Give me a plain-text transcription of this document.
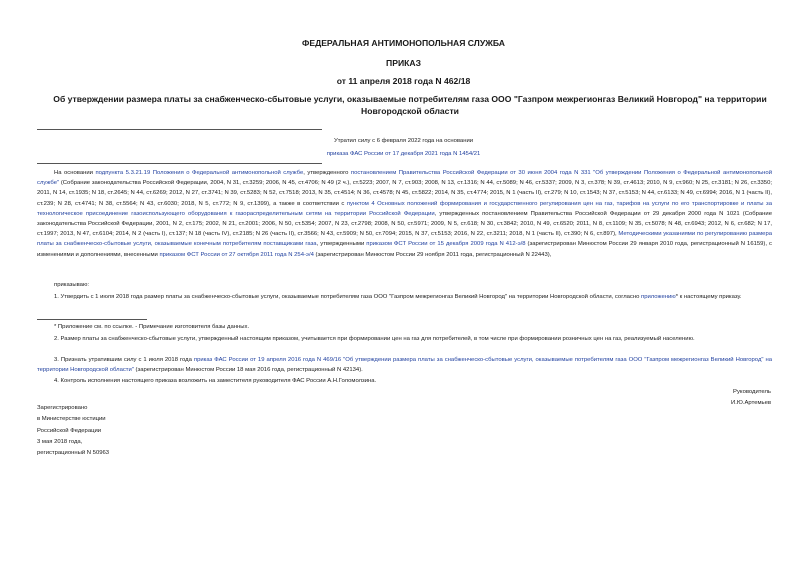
ФЕДЕРАЛЬНАЯ АНТИМОНОПОЛЬНАЯ СЛУЖБА
ПРИКАЗ
от 11 апреля 2018 года N 462/18
Об утверждении размера платы за снабженческо-сбытовые услуги, оказываемые потребителям газа ООО "Газпром межрегионгаз Великий Новгород" на территории Новгородской области
Утратил силу с 6 февраля 2022 года на основании
приказа ФАС России от 17 декабря 2021 года N 1454/21
На основании подпункта 5.3.21.19 Положения о Федеральной антимонопольной службе, утвержденного постановлением Правительства Российской Федерации от 30 июня 2004 года N 331 "Об утверждении Положения о Федеральной антимонопольной службе" (Собрание законодательства Российской Федерации, 2004, N 31, ст.3259; 2006, N 45, ст.4706; N 49 (2 ч.), ст.5223; 2007, N 7, ст.903; 2008, N 13, ст.1316; N 44, ст.5089; N 46, ст.5337; 2009, N 3, ст.378; N 39, ст.4613; 2010, N 9, ст.960; N 25, ст.3181; N 26, ст.3350; 2011, N 14, ст.1935; N 18, ст.2645; N 44, ст.6269; 2012, N 27, ст.3741; N 39, ст.5283; N 52, ст.7518; 2013, N 35, ст.4514; N 36, ст.4578; N 45, ст.5822; 2014, N 35, ст.4774; 2015, N 1 (часть II), ст.279; N 10, ст.1543; N 37, ст.5153; N 44, ст.6133; N 49, ст.6994; 2016, N 1 (часть II), ст.239; N 28, ст.4741; N 38, ст.5564; N 43, ст.6030; 2018, N 5, ст.772; N 9, ст.1399), а также в соответствии с пунктом 4 Основных положений формирования и государственного регулирования цен на газ, тарифов на услуги по его транспортировке и платы за технологическое присоединение газоиспользующего оборудования к газораспределительным сетям на территории Российской Федерации, утвержденных постановлением Правительства Российской Федерации от 29 декабря 2000 года N 1021 (Собрание законодательства Российской Федерации, 2001, N 2, ст.175; 2002, N 21, ст.2001; 2006, N 50, ст.5354; 2007, N 23, ст.2798; 2008, N 50, ст.5971; 2009, N 5, ст.618; N 30, ст.3842; 2010, N 49, ст.6520; 2011, N 8, ст.1109; N 35, ст.5078; N 48, ст.6943; 2012, N 6, ст.682; N 17, ст.1997; 2013, N 47, ст.6104; 2014, N 2 (часть I), ст.137; N 18 (часть IV), ст.2185; N 26 (часть II), ст.3566; N 43, ст.5909; N 50, ст.7094; 2015, N 37, ст.5153; 2016, N 22, ст.3211; 2018, N 1 (часть II), ст.390; N 6, ст.897), Методическими указаниями по регулированию размера платы за снабженческо-сбытовые услуги, оказываемые конечным потребителям поставщиками газа, утвержденными приказом ФСТ России от 15 декабря 2009 года N 412-э/8 (зарегистрирован Минюстом России 29 января 2010 года, регистрационный N 16159), с изменениями и дополнениями, внесенными приказом ФСТ России от 27 октября 2011 года N 254-э/4 (зарегистрирован Минюстом России 29 ноября 2011 года, регистрационный N 22443),
приказываю:
1. Утвердить с 1 июля 2018 года размер платы за снабженческо-сбытовые услуги, оказываемые потребителям газа ООО "Газпром межрегионгаз Великий Новгород" на территории Новгородской области, согласно приложению* к настоящему приказу.
* Приложение см. по ссылке. - Примечание изготовителя базы данных.
2. Размер платы за снабженческо-сбытовые услуги, утвержденный настоящим приказом, учитывается при формировании цен на газ для потребителей, в том числе при формировании розничных цен на газ, реализуемый населению.
3. Признать утратившим силу с 1 июля 2018 года приказ ФАС России от 19 апреля 2016 года N 469/16 "Об утверждении размера платы за снабженческо-сбытовые услуги, оказываемые потребителям газа ООО "Газпром межрегионгаз Великий Новгород" на территории Новгородской области" (зарегистрирован Минюстом России 18 мая 2016 года, регистрационный N 42134).
4. Контроль исполнения настоящего приказа возложить на заместителя руководителя ФАС России А.Н.Голомолзина.
Руководитель
И.Ю.Артемьев
Зарегистрировано
в Министерстве юстиции
Российской Федерации
3 мая 2018 года,
регистрационный N 50963
